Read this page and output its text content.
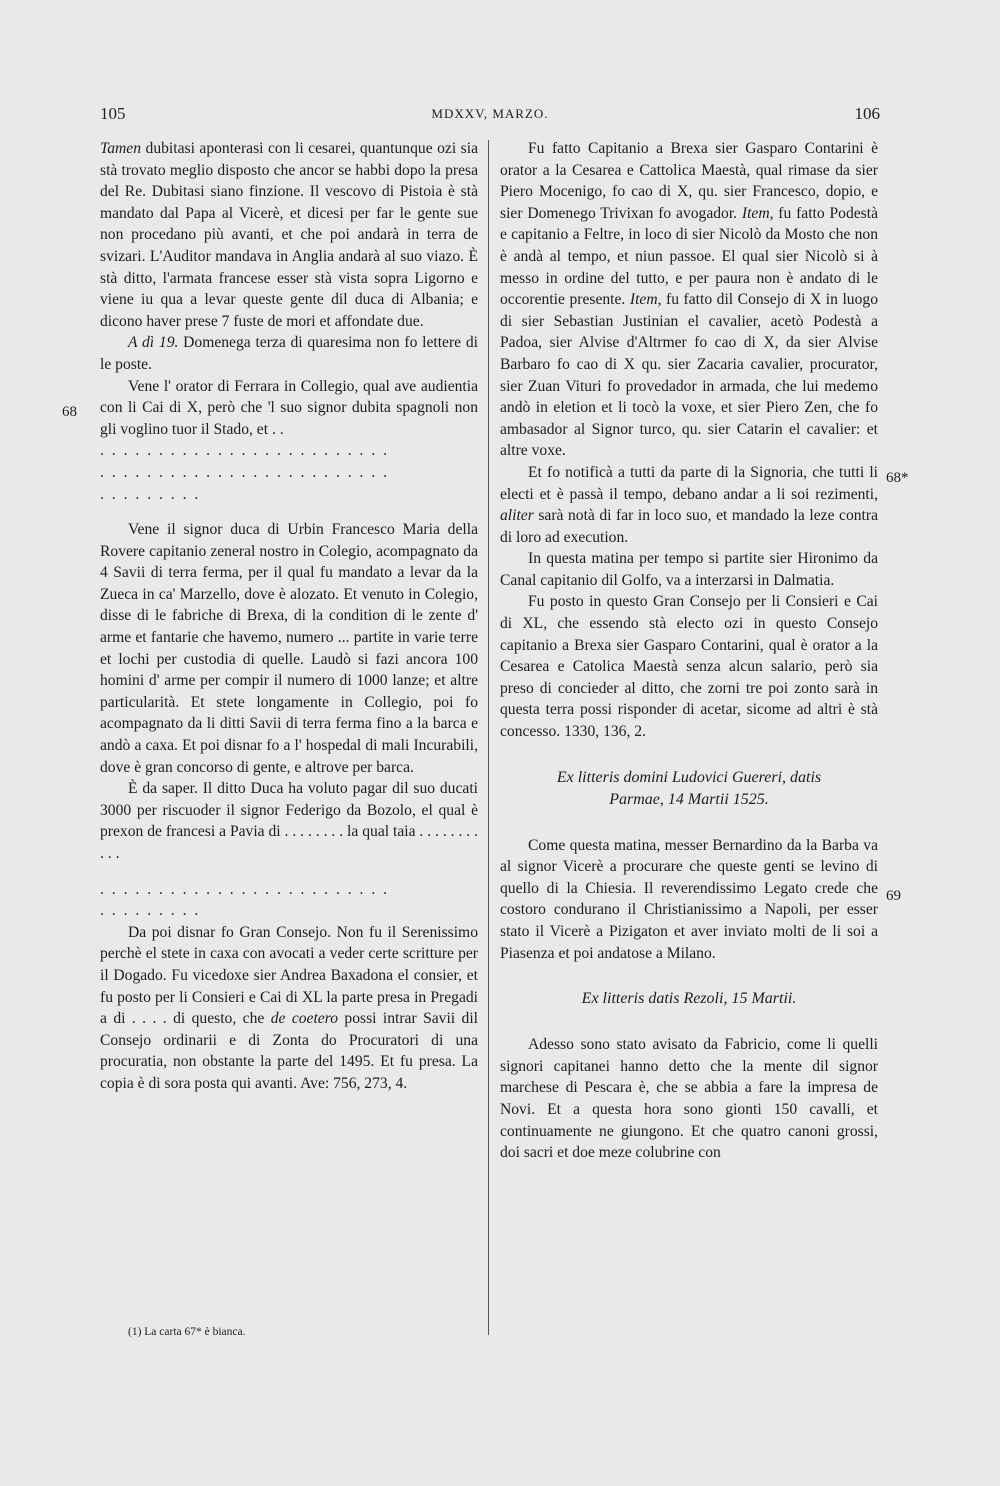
105	MDXXV, MARZO.	106
68
68*
69

Tamen dubitasi aponterasi con li cesarei, quantunque ozi sia stà trovato meglio disposto che ancor se habbi dopo la presa del Re. Dubitasi siano finzione. Il vescovo di Pistoia è stà mandato dal Papa al Vicerè, et dicesi per far le gente sue non procedano più avanti, et che poi andarà in terra de svizari. L'Auditor mandava in Anglia andarà al suo viazo. È stà ditto, l'armata francese esser stà vista sopra Ligorno e viene iu qua a levar queste gente dil duca di Albania; e dicono haver prese 7 fuste de mori et affondate due.

A dì 19. Domenega terza di quaresima non fo lettere di le poste.

Vene l' orator di Ferrara in Collegio, qual ave audientia con li Cai di X, però che 'l suo signor dubita spagnoli non gli voglino tuor il Stado, et . .

. . . . . . . . . . . . . . . . . . . . . . . . .
. . . . . . . . . . . . . . . . . . . . . . . . .
. . . . . . . . .

Vene il signor duca di Urbin Francesco Maria della Rovere capitanio zeneral nostro in Colegio, acompagnato da 4 Savii di terra ferma, per il qual fu mandato a levar da la Zueca in ca' Marzello, dove è alozato. Et venuto in Colegio, disse di le fabriche di Brexa, di la condition di le zente d' arme et fantarie che havemo, numero ... partite in varie terre et lochi per custodia di quelle. Laudò si fazi ancora 100 homini d' arme per compir il numero di 1000 lanze; et altre particularità. Et stete longamente in Collegio, poi fo acompagnato da li ditti Savii di terra ferma fino a la barca e andò a caxa. Et poi disnar fo a l' hospedal di mali Incurabili, dove è gran concorso di gente, e altrove per barca.

È da saper. Il ditto Duca ha voluto pagar dil suo ducati 3000 per riscuoder il signor Federigo da Bozolo, el qual è prexon de francesi a Pavia di . . . . . . . . la qual taia . . . . . . . . . . .

. . . . . . . . . . . . . . . . . . . . . . . . .
. . . . . . . . .

Da poi disnar fo Gran Consejo. Non fu il Serenissimo perchè el stete in caxa con avocati a veder certe scritture per il Dogado. Fu vicedoxe sier Andrea Baxadona el consier, et fu posto per li Consieri e Cai di XL la parte presa in Pregadi a di . . . . di questo, che de coetero possi intrar Savii dil Consejo ordinarii e di Zonta do Procuratori di una procuratia, non obstante la parte del 1495. Et fu presa. La copia è di sora posta qui avanti. Ave: 756, 273, 4.

(1) La carta 67* è bianca.

Fu fatto Capitanio a Brexa sier Gasparo Contarini è orator a la Cesarea e Cattolica Maestà, qual rimase da sier Piero Mocenigo, fo cao di X, qu. sier Francesco, dopio, e sier Domenego Trivixan fo avogador. Item, fu fatto Podestà e capitanio a Feltre, in loco di sier Nicolò da Mosto che non è andà al tempo, et niun passoe. El qual sier Nicolò si à messo in ordine del tutto, e per paura non è andato di le occorentie presente. Item, fu fatto dil Consejo di X in luogo di sier Sebastian Justinian el cavalier, acetò Podestà a Padoa, sier Alvise d'Altrmer fo cao di X, da sier Alvise Barbaro fo cao di X qu. sier Zacaria cavalier, procurator, sier Zuan Vituri fo provedador in armada, che lui medemo andò in eletion et li tocò la voxe, et sier Piero Zen, che fo ambasador al Signor turco, qu. sier Catarin el cavalier: et altre voxe.

Et fo notificà a tutti da parte di la Signoria, che tutti li electi et è passà il tempo, debano andar a li soi rezimenti, aliter sarà notà di far in loco suo, et mandado la leze contra di loro ad execution.

In questa matina per tempo si partite sier Hironimo da Canal capitanio dil Golfo, va a interzarsi in Dalmatia.

Fu posto in questo Gran Consejo per li Consieri e Cai di XL, che essendo stà electo ozi in questo Consejo capitanio a Brexa sier Gasparo Contarini, qual è orator a la Cesarea e Catolica Maestà senza alcun salario, però sia preso di concieder al ditto, che zorni tre poi zonto sarà in questa terra possi risponder di acetar, sicome ad altri è stà concesso. 1330, 136, 2.

Ex litteris domini Ludovici Guereri, datis
Parmae, 14 Martii 1525.

Come questa matina, messer Bernardino da la Barba va al signor Vicerè a procurare che queste genti se levino di quello di la Chiesia. Il reverendissimo Legato crede che costoro condurano il Christianissimo a Napoli, per esser stato il Vicerè a Pizigaton et aver inviato molti de li soi a Piasenza et poi andatose a Milano.

Ex litteris datis Rezoli, 15 Martii.

Adesso sono stato avisato da Fabricio, come li quelli signori capitanei hanno detto che la mente dil signor marchese di Pescara è, che se abbia a fare la impresa de Novi. Et a questa hora sono gionti 150 cavalli, et continuamente ne giungono. Et che quatro canoni grossi, doi sacri et doe meze colubrine con
